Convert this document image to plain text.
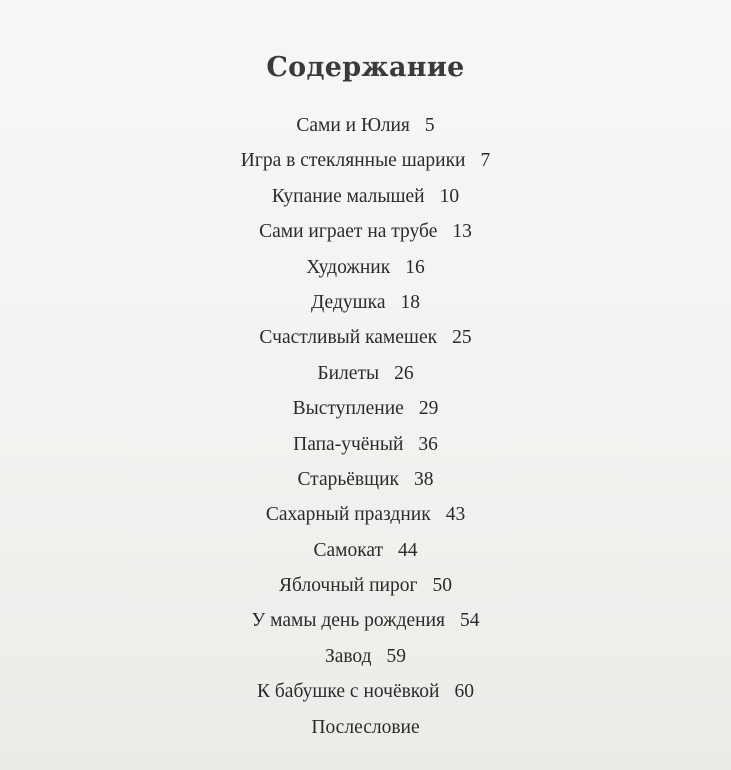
Содержание
Сами и Юлия 5
Игра в стеклянные шарики 7
Купание малышей 10
Сами играет на трубе 13
Художник 16
Дедушка 18
Счастливый камешек 25
Билеты 26
Выступление 29
Папа-учёный 36
Старьёвщик 38
Сахарный праздник 43
Самокат 44
Яблочный пирог 50
У мамы день рождения 54
Завод 59
К бабушке с ночёвкой 60
Послесловие
